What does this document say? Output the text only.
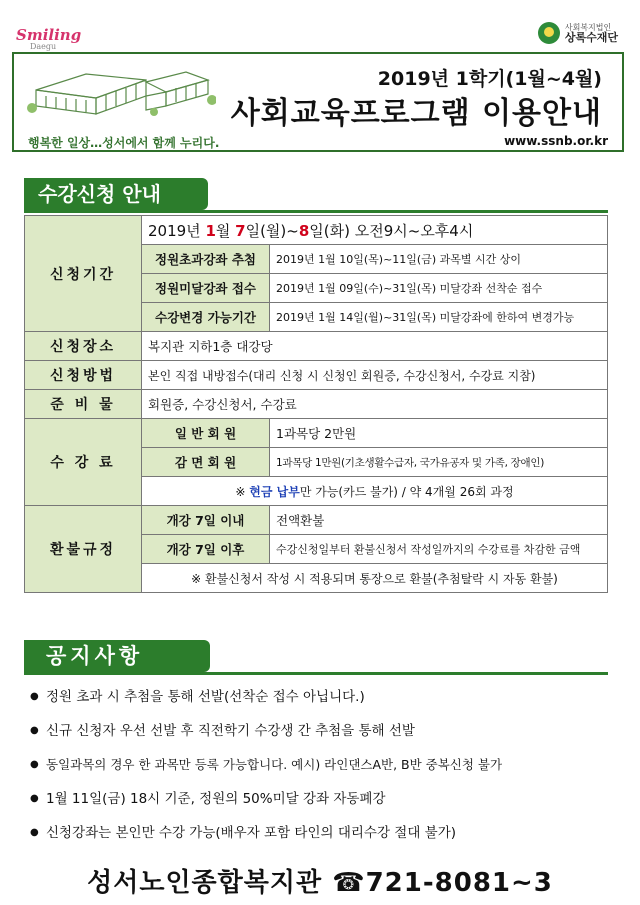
Smiling
Daegu
사회복지법인
상록수재단
2019년 1학기(1월~4월)
사회교육프로그램 이용안내
행복한 일상…성서에서 함께 누리다.	www.ssnb.or.kr
수강신청 안내
신청기간	2019년 1월 7일(월)~8일(화) 오전9시~오후4시	
	정원초과강좌 추첨	2019년 1월 10일(목)~11일(금) 과목별 시간 상이
	정원미달강좌 접수	2019년 1월 09일(수)~31일(목) 미달강좌 선착순 접수
	수강변경 가능기간	2019년 1월 14일(월)~31일(목) 미달강좌에 한하여 변경가능
신청장소	복지관 지하1층 대강당	
신청방법	본인 직접 내방접수(대리 신청 시 신청인 회원증, 수강신청서, 수강료 지참)	
준 비 물	회원증, 수강신청서, 수강료	
수 강 료	일 반 회 원	1과목당 2만원
	감 면 회 원	1과목당 1만원(기초생활수급자, 국가유공자 및 가족, 장애인)
	※ 현금 납부만 가능(카드 불가) / 약 4개월 26회 과정	
환불규정	개강 7일 이내	전액환불
	개강 7일 이후	수강신청일부터 환불신청서 작성일까지의 수강료를 차감한 금액
	※ 환불신청서 작성 시 적용되며 통장으로 환불(추첨탈락 시 자동 환불)	
공지사항
● 정원 초과 시 추첨을 통해 선발(선착순 접수 아닙니다.)
● 신규 신청자 우선 선발 후 직전학기 수강생 간 추첨을 통해 선발
● 동일과목의 경우 한 과목만 등록 가능합니다. 예시) 라인댄스A반, B반 중복신청 불가
● 1월 11일(금) 18시 기준, 정원의 50%미달 강좌 자동폐강
● 신청강좌는 본인만 수강 가능(배우자 포함 타인의 대리수강 절대 불가)
성서노인종합복지관 ☎721-8081~3
